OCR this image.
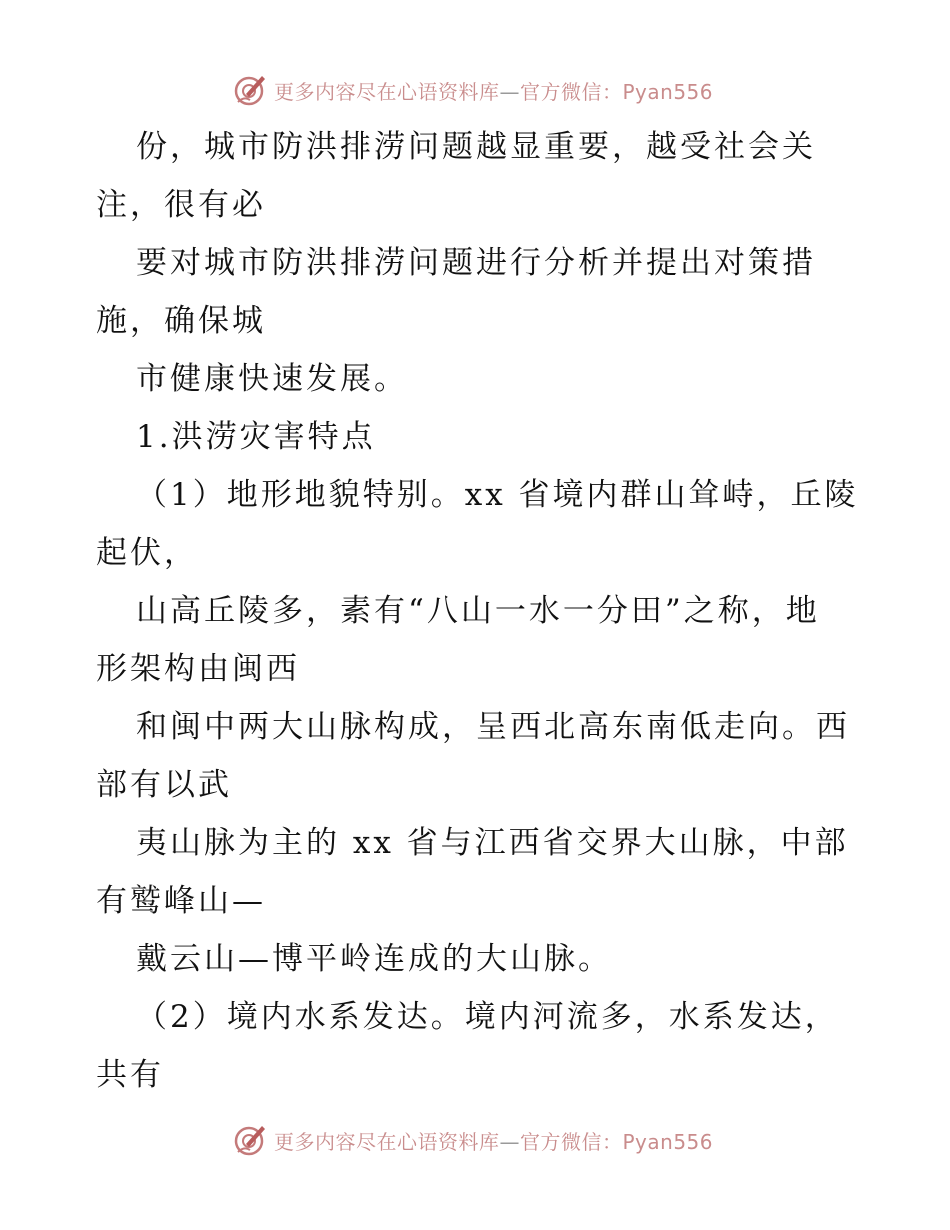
更多内容尽在心语资料库—官方微信：Pyan556
份，城市防洪排涝问题越显重要，越受社会关
注，很有必
要对城市防洪排涝问题进行分析并提出对策措
施，确保城
市健康快速发展。
1.洪涝灾害特点
（1）地形地貌特别。xx 省境内群山耸峙，丘陵
起伏，
山高丘陵多，素有“八山一水一分田”之称，地
形架构由闽西
和闽中两大山脉构成，呈西北高东南低走向。西
部有以武
夷山脉为主的 xx 省与江西省交界大山脉，中部
有鹫峰山—
戴云山—博平岭连成的大山脉。
（2）境内水系发达。境内河流多，水系发达，
共有
更多内容尽在心语资料库—官方微信：Pyan556
